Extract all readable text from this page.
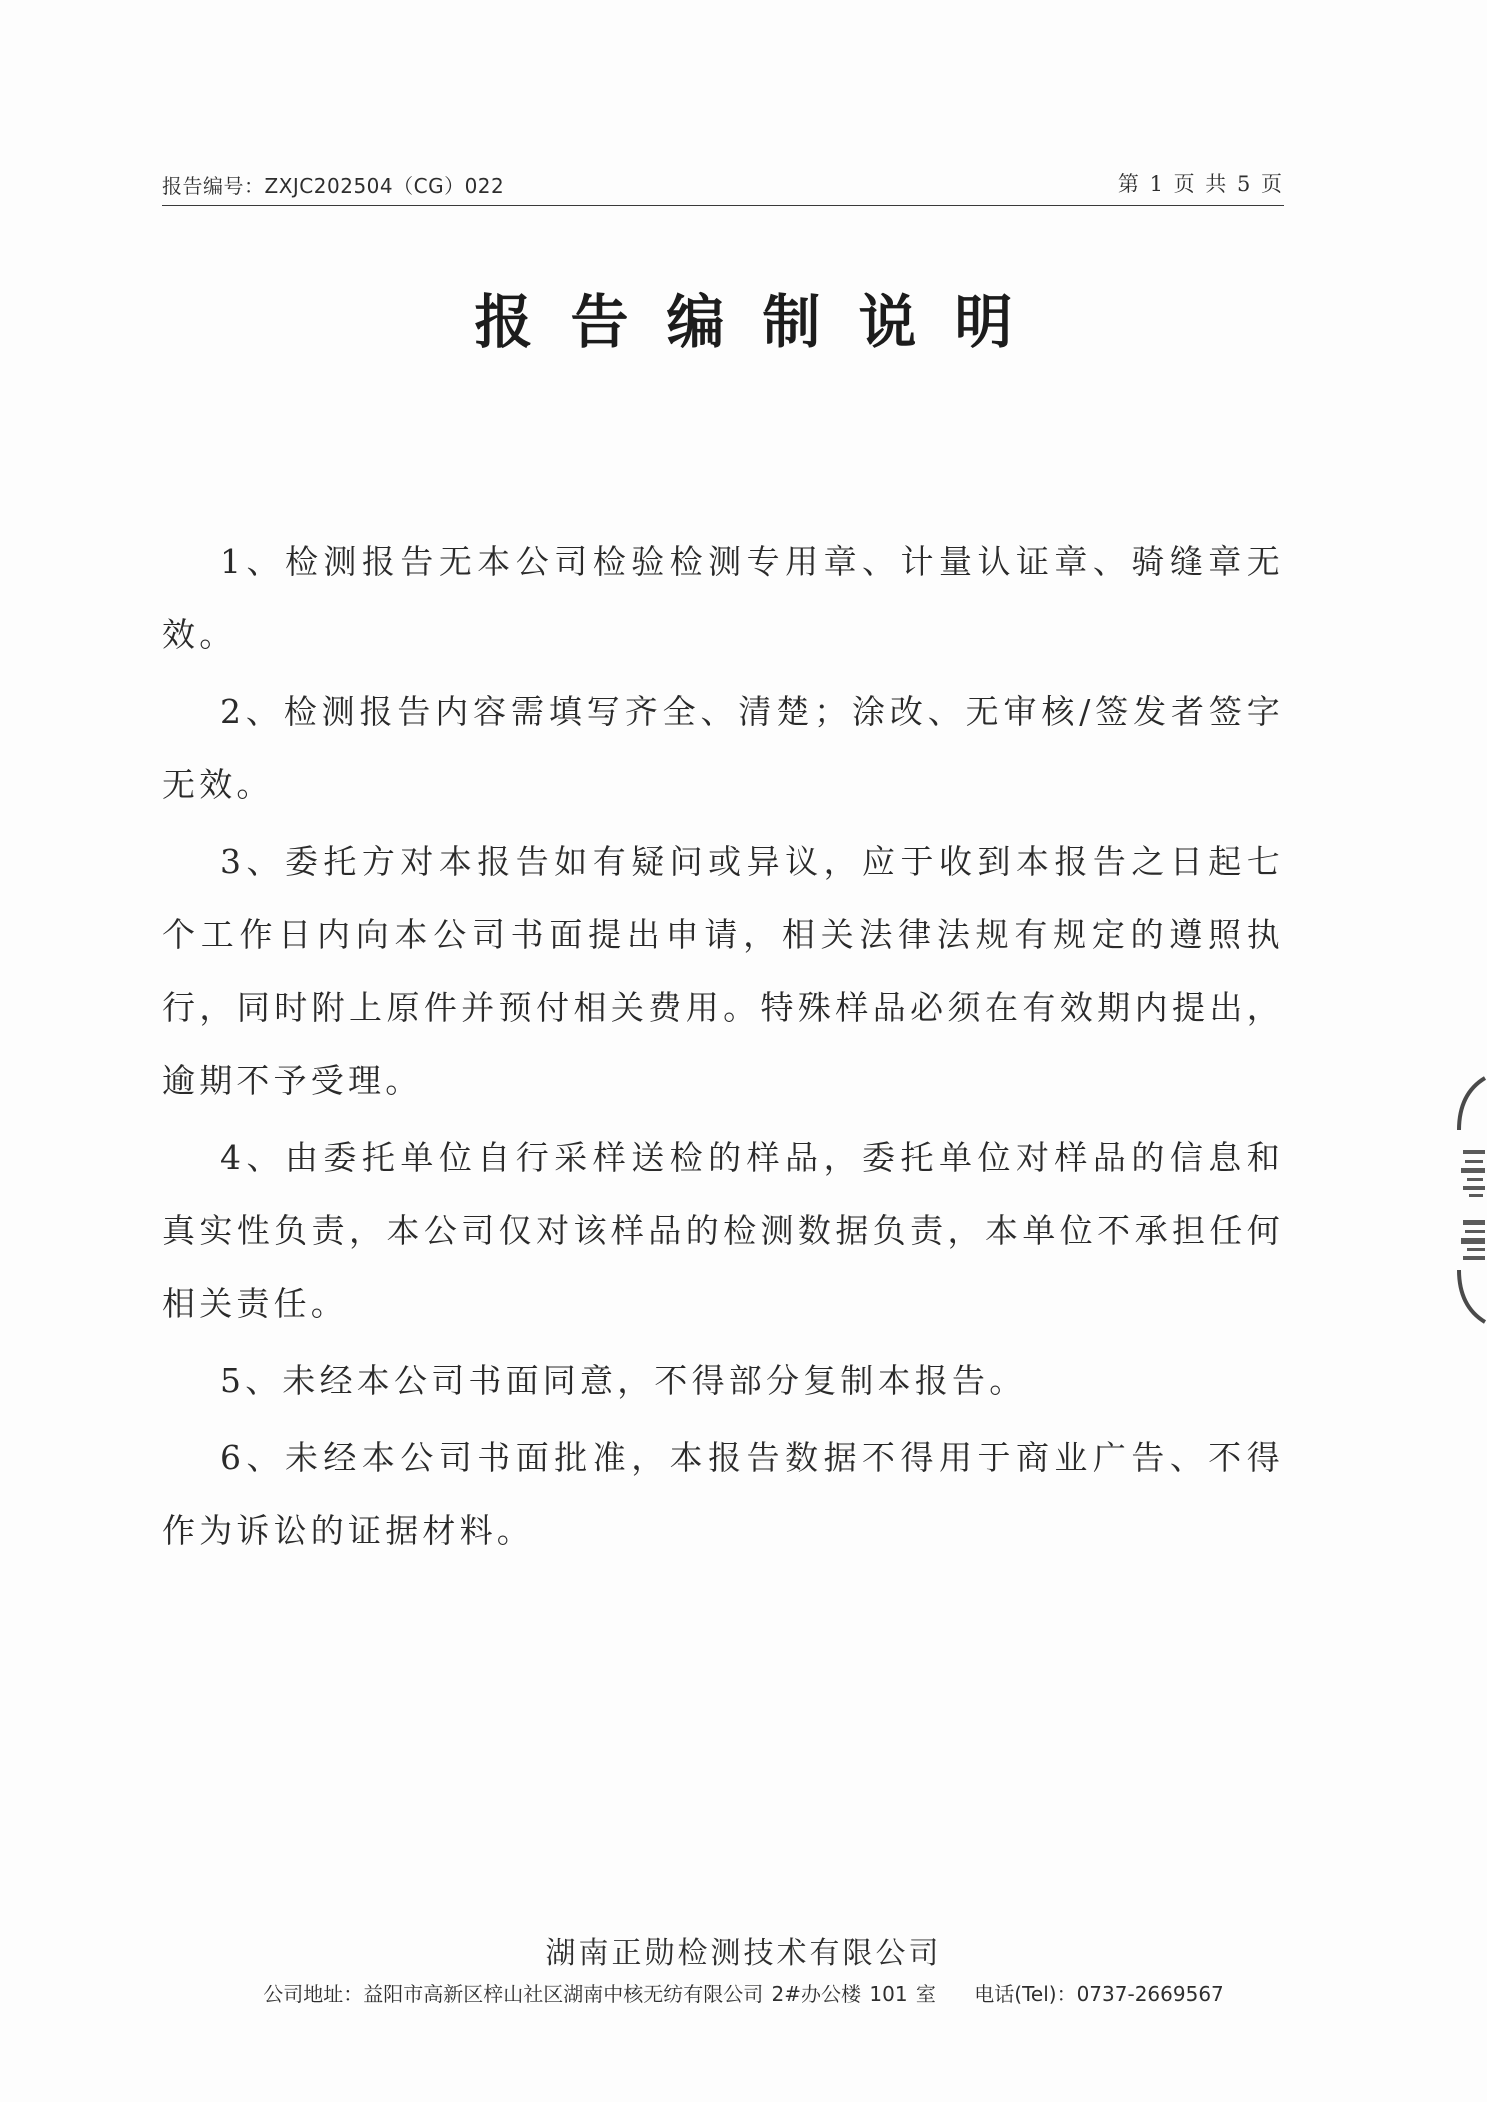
报告编号：ZXJC202504（CG）022	第 1 页 共 5 页
报告编制说明

1、检测报告无本公司检验检测专用章、计量认证章、骑缝章无效。

2、检测报告内容需填写齐全、清楚；涂改、无审核/签发者签字无效。

3、委托方对本报告如有疑问或异议，应于收到本报告之日起七个工作日内向本公司书面提出申请，相关法律法规有规定的遵照执行，同时附上原件并预付相关费用。特殊样品必须在有效期内提出，逾期不予受理。

4、由委托单位自行采样送检的样品，委托单位对样品的信息和真实性负责，本公司仅对该样品的检测数据负责，本单位不承担任何相关责任。

5、未经本公司书面同意，不得部分复制本报告。

6、未经本公司书面批准，本报告数据不得用于商业广告、不得作为诉讼的证据材料。

湖南正勋检测技术有限公司
公司地址：益阳市高新区梓山社区湖南中核无纺有限公司 2#办公楼 101 室 电话(Tel)：0737-2669567
